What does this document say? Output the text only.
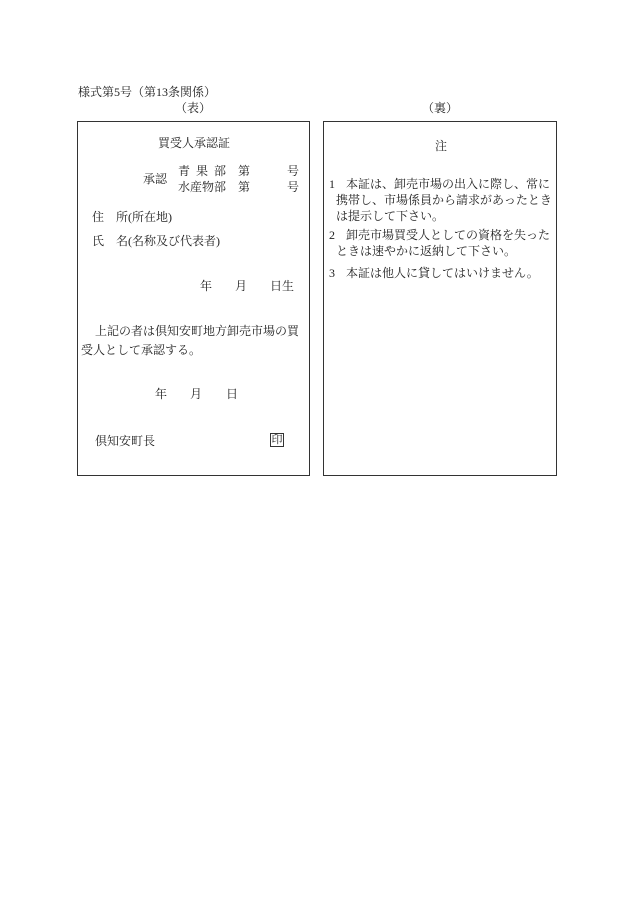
様式第5号（第13条関係）
（表）	（裏）
買受人承認証
承認
青 果 部 第	号
水産物部 第	号
住　所(所在地)
氏　名(名称及び代表者)
年 月 日生
上記の者は倶知安町地方卸売市場の買
受人として承認する。
年 月 日
倶知安町長	印
注
1 本証は、卸売市場の出入に際し、常に
携帯し、市場係員から請求があったとき
は提示して下さい。
2 卸売市場買受人としての資格を失った
ときは速やかに返納して下さい。
3 本証は他人に貸してはいけません。
